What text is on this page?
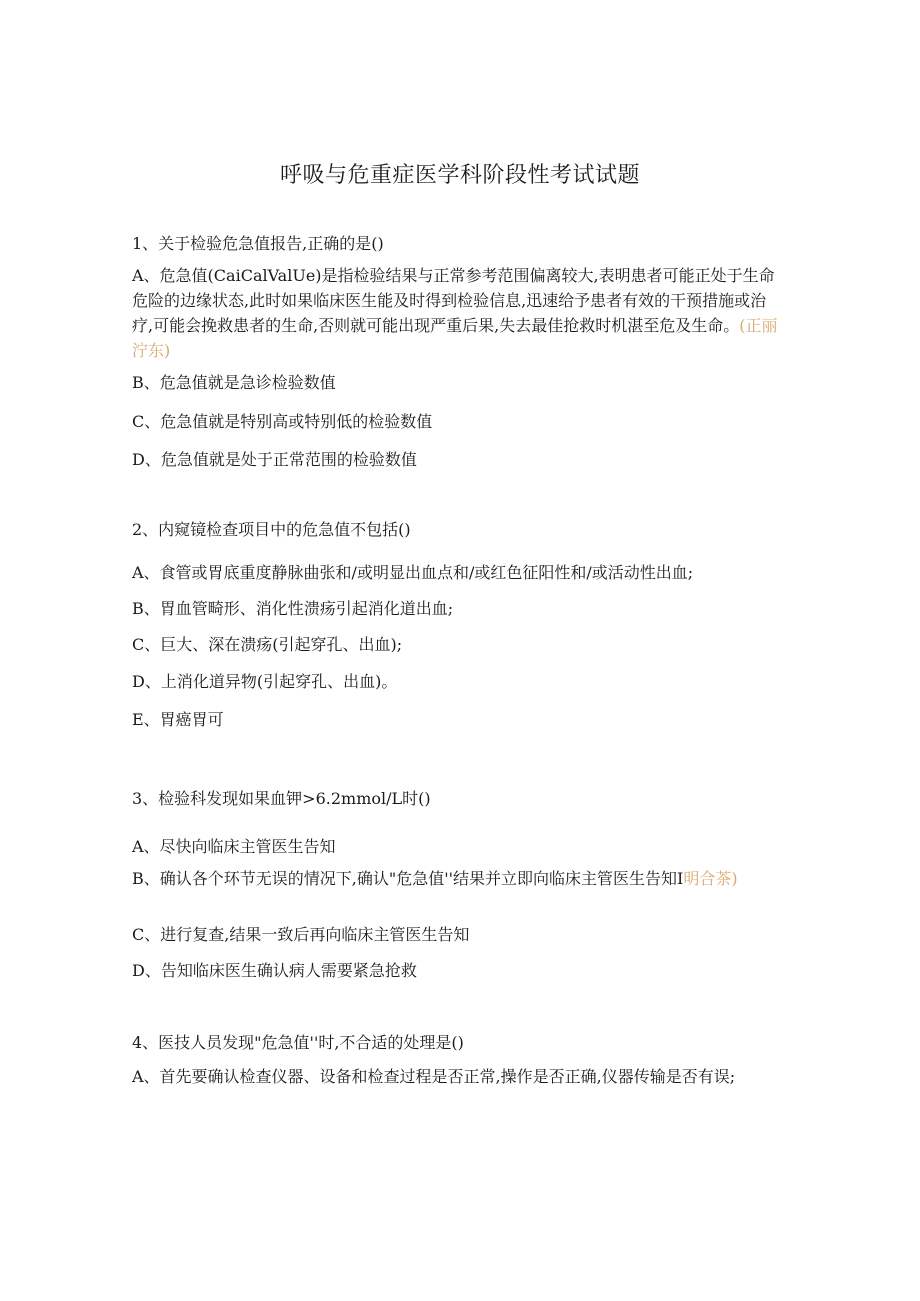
呼吸与危重症医学科阶段性考试试题
1、关于检验危急值报告,正确的是()
A、危急值(CaiCalValUe)是指检验结果与正常参考范围偏离较大,表明患者可能正处于生命危险的边缘状态,此时如果临床医生能及时得到检验信息,迅速给予患者有效的干预措施或治疗,可能会挽救患者的生命,否则就可能出现严重后果,失去最佳抢救时机湛至危及生命。(正丽泞东)
B、危急值就是急诊检验数值
C、危急值就是特别高或特别低的检验数值
D、危急值就是处于正常范围的检验数值
2、内窥镜检查项目中的危急值不包括()
A、食管或胃底重度静脉曲张和/或明显出血点和/或红色征阳性和/或活动性出血;
B、胃血管畸形、消化性溃疡引起消化道出血;
C、巨大、深在溃疡(引起穿孔、出血);
D、上消化道异物(引起穿孔、出血)。
E、胃癌胃可
3、检验科发现如果血钾>6.2mmol/L时()
A、尽快向临床主管医生告知
B、确认各个环节无误的情况下,确认"危急值''结果并立即向临床主管医生告知I明合茶)
C、进行复查,结果一致后再向临床主管医生告知
D、告知临床医生确认病人需要紧急抢救
4、医技人员发现"危急值''时,不合适的处理是()
A、首先要确认检查仪器、设备和检查过程是否正常,操作是否正确,仪器传输是否有误;
